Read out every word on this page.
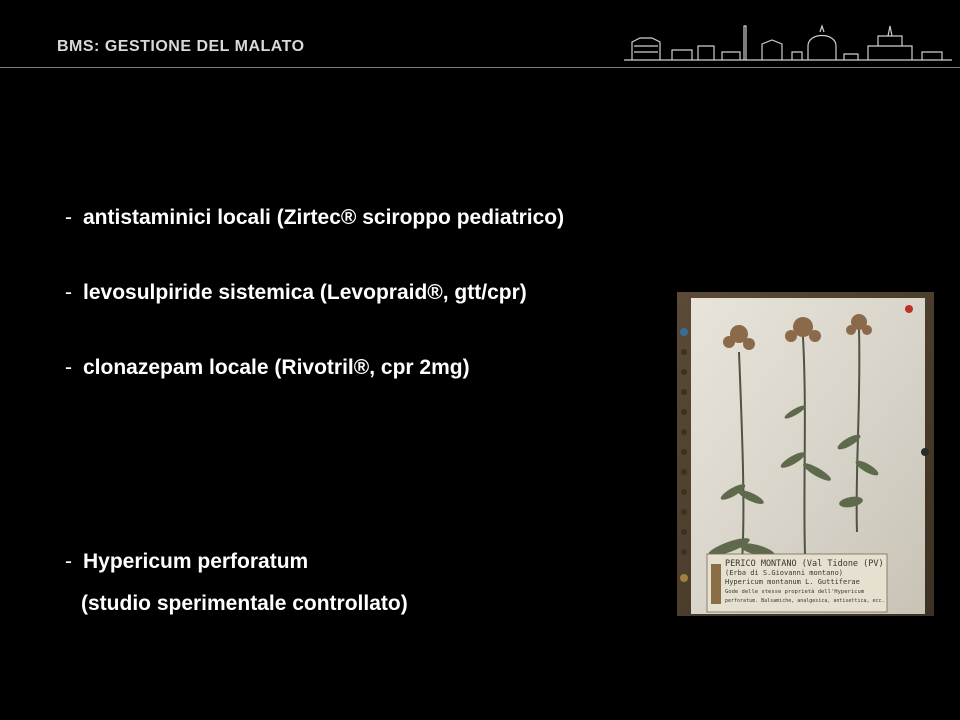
BMS: GESTIONE DEL MALATO
- antistaminici locali (Zirtec® sciroppo pediatrico)
- levosulpiride sistemica (Levopraid®, gtt/cpr)
- clonazepam locale (Rivotril®, cpr 2mg)
- Hypericum perforatum
(studio sperimentale controllato)
PERICO MONTANO (Val Tidone (PV)
(Erba di S.Giovanni montano)
Hypericum montanum L. Guttiferae
Gode delle stesse proprietà dell'Hypericum
perforatum. Balsamiche, analgesica, antisettica, ecc.
